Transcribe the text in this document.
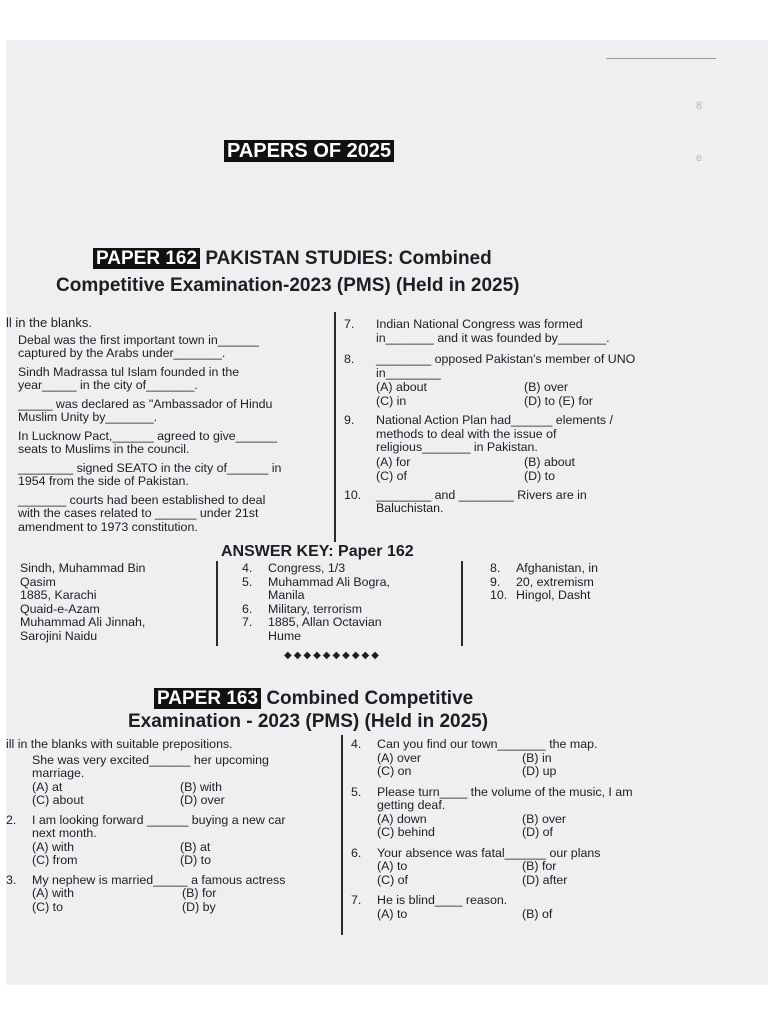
8
e
PAPERS OF 2025
PAPER 162 PAKISTAN STUDIES: Combined
Competitive Examination-2023 (PMS) (Held in 2025)
ll in the blanks.
Debal was the first important town in______
captured by the Arabs under_______.
Sindh Madrassa tul Islam founded in the
year_____ in the city of_______.
_____ was declared as "Ambassador of Hindu
Muslim Unity by_______.
In Lucknow Pact,______ agreed to give______
seats to Muslims in the council.
________ signed SEATO in the city of______ in
1954 from the side of Pakistan.
_______ courts had been established to deal
with the cases related to ______ under 21st
amendment to 1973 constitution.
7.	Indian National Congress was formed
in_______ and it was founded by_______.
8.	________ opposed Pakistan's member of UNO
in________
(A) about	(B) over
(C) in	(D) to (E) for
9.	National Action Plan had______ elements /
methods to deal with the issue of
religious_______ in Pakistan.
(A) for	(B) about
(C) of	(D) to
10.	________ and ________ Rivers are in
Baluchistan.
ANSWER KEY: Paper 162
Sindh, Muhammad Bin
Qasim
1885, Karachi
Quaid-e-Azam
Muhammad Ali Jinnah,
Sarojini Naidu
4.	Congress, 1/3
5.	Muhammad Ali Bogra,
Manila
6.	Military, terrorism
7.	1885, Allan Octavian
Hume
8.	Afghanistan, in
9.	20, extremism
10. Hingol, Dasht
◆◆◆◆◆◆◆◆◆◆
PAPER 163 Combined Competitive
Examination - 2023 (PMS) (Held in 2025)
ill in the blanks with suitable prepositions.
She was very excited______ her upcoming
marriage.
(A) at	(B) with
(C) about	(D) over
2.	I am looking forward ______ buying a new car
next month.
(A) with	(B) at
(C) from	(D) to
3.	My nephew is married_____ a famous actress
(A) with	(B) for
(C) to	(D) by
4.	Can you find our town_______ the map.
(A) over	(B) in
(C) on	(D) up
5.	Please turn____ the volume of the music, I am
getting deaf.
(A) down	(B) over
(C) behind	(D) of
6.	Your absence was fatal______ our plans
(A) to	(B) for
(C) of	(D) after
7.	He is blind____ reason.
(A) to	(B) of
